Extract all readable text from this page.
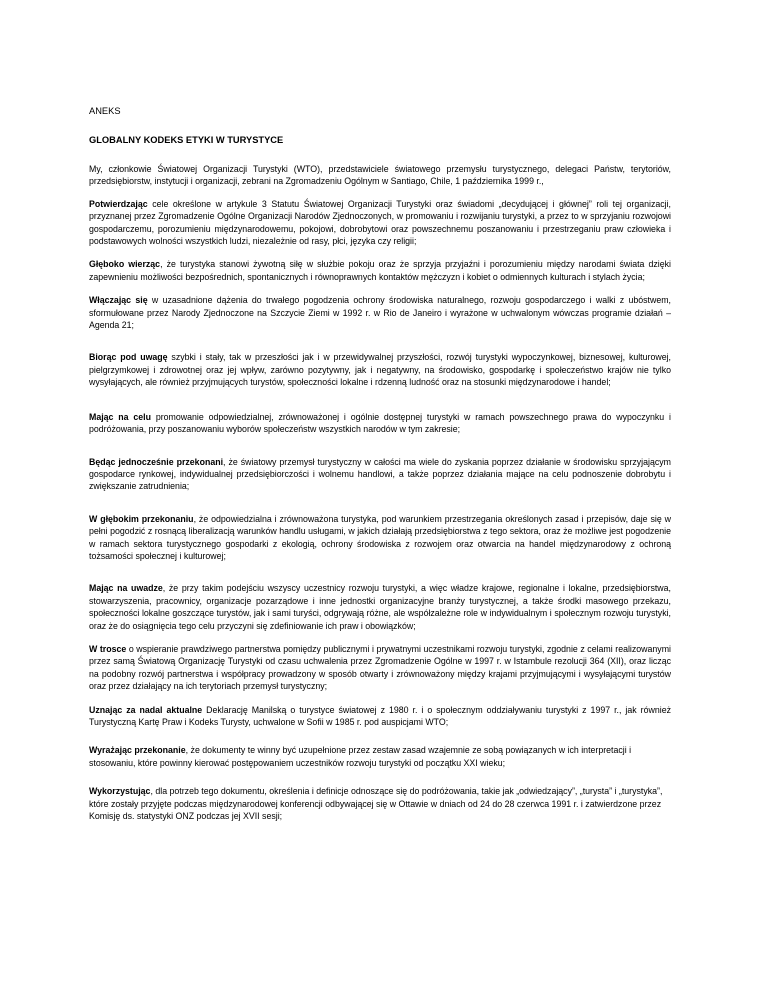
ANEKS

GLOBALNY KODEKS ETYKI W TURYSTYCE

My, członkowie Światowej Organizacji Turystyki (WTO), przedstawiciele światowego przemysłu turystycznego, delegaci Państw, terytoriów, przedsiębiorstw, instytucji i organizacji, zebrani na Zgromadzeniu Ogólnym w Santiago, Chile, 1 października 1999 r.,

Potwierdzając cele określone w artykule 3 Statutu Światowej Organizacji Turystyki oraz świadomi „decydującej i głównej” roli tej organizacji, przyznanej przez Zgromadzenie Ogólne Organizacji Narodów Zjednoczonych, w promowaniu i rozwijaniu turystyki, a przez to w sprzyjaniu rozwojowi gospodarczemu, porozumieniu międzynarodowemu, pokojowi, dobrobytowi oraz powszechnemu poszanowaniu i przestrzeganiu praw człowieka i podstawowych wolności wszystkich ludzi, niezależnie od rasy, płci, języka czy religii;

Głęboko wierząc, że turystyka stanowi żywotną siłę w służbie pokoju oraz że sprzyja przyjaźni i porozumieniu między narodami świata dzięki zapewnieniu możliwości bezpośrednich, spontanicznych i równoprawnych kontaktów mężczyzn i kobiet o odmiennych kulturach i stylach życia;

Włączając się w uzasadnione dążenia do trwałego pogodzenia ochrony środowiska naturalnego, rozwoju gospodarczego i walki z ubóstwem, sformułowane przez Narody Zjednoczone na Szczycie Ziemi w 1992 r. w Rio de Janeiro i wyrażone w uchwalonym wówczas programie działań – Agenda 21;

Biorąc pod uwagę szybki i stały, tak w przeszłości jak i w przewidywalnej przyszłości, rozwój turystyki wypoczynkowej, biznesowej, kulturowej, pielgrzymkowej i zdrowotnej oraz jej wpływ, zarówno pozytywny, jak i negatywny, na środowisko, gospodarkę i społeczeństwo krajów nie tylko wysyłających, ale również przyjmujących turystów, społeczności lokalne i rdzenną ludność oraz na stosunki międzynarodowe i handel;

Mając na celu promowanie odpowiedzialnej, zrównoważonej i ogólnie dostępnej turystyki w ramach powszechnego prawa do wypoczynku i podróżowania, przy poszanowaniu wyborów społeczeństw wszystkich narodów w tym zakresie;

Będąc jednocześnie przekonani, że światowy przemysł turystyczny w całości ma wiele do zyskania poprzez działanie w środowisku sprzyjającym gospodarce rynkowej, indywidualnej przedsiębiorczości i wolnemu handlowi, a także poprzez działania mające na celu podnoszenie dobrobytu i zwiększanie zatrudnienia;

W głębokim przekonaniu, że odpowiedzialna i zrównoważona turystyka, pod warunkiem przestrzegania określonych zasad i przepisów, daje się w pełni pogodzić z rosnącą liberalizacją warunków handlu usługami, w jakich działają przedsiębiorstwa z tego sektora, oraz że możliwe jest pogodzenie w ramach sektora turystycznego gospodarki z ekologią, ochrony środowiska z rozwojem oraz otwarcia na handel międzynarodowy z ochroną tożsamości społecznej i kulturowej;

Mając na uwadze, że przy takim podejściu wszyscy uczestnicy rozwoju turystyki, a więc władze krajowe, regionalne i lokalne, przedsiębiorstwa, stowarzyszenia, pracownicy, organizacje pozarządowe i inne jednostki organizacyjne branży turystycznej, a także środki masowego przekazu, społeczności lokalne goszczące turystów, jak i sami turyści, odgrywają różne, ale współzależne role w indywidualnym i społecznym rozwoju turystyki, oraz że do osiągnięcia tego celu przyczyni się zdefiniowanie ich praw i obowiązków;

W trosce o wspieranie prawdziwego partnerstwa pomiędzy publicznymi i prywatnymi uczestnikami rozwoju turystyki, zgodnie z celami realizowanymi przez samą Światową Organizację Turystyki od czasu uchwalenia przez Zgromadzenie Ogólne w 1997 r. w Istambule rezolucji 364 (XII), oraz licząc na podobny rozwój partnerstwa i współpracy prowadzony w sposób otwarty i zrównoważony między krajami przyjmującymi i wysyłającymi turystów oraz przez działający na ich terytoriach przemysł turystyczny;

Uznając za nadal aktualne Deklarację Manilską o turystyce światowej z 1980 r. i o społecznym oddziaływaniu turystyki z 1997 r., jak również Turystyczną Kartę Praw i Kodeks Turysty, uchwalone w Sofii w 1985 r. pod auspicjami WTO;

Wyrażając przekonanie, że dokumenty te winny być uzupełnione przez zestaw zasad wzajemnie ze sobą powiązanych w ich interpretacji i stosowaniu, które powinny kierować postępowaniem uczestników rozwoju turystyki od początku XXI wieku;

Wykorzystując, dla potrzeb tego dokumentu, określenia i definicje odnoszące się do podróżowania, takie jak „odwiedzający”, „turysta” i „turystyka”, które zostały przyjęte podczas międzynarodowej konferencji odbywającej się w Ottawie w dniach od 24 do 28 czerwca 1991 r. i zatwierdzone przez Komisję ds. statystyki ONZ podczas jej XVII sesji;
